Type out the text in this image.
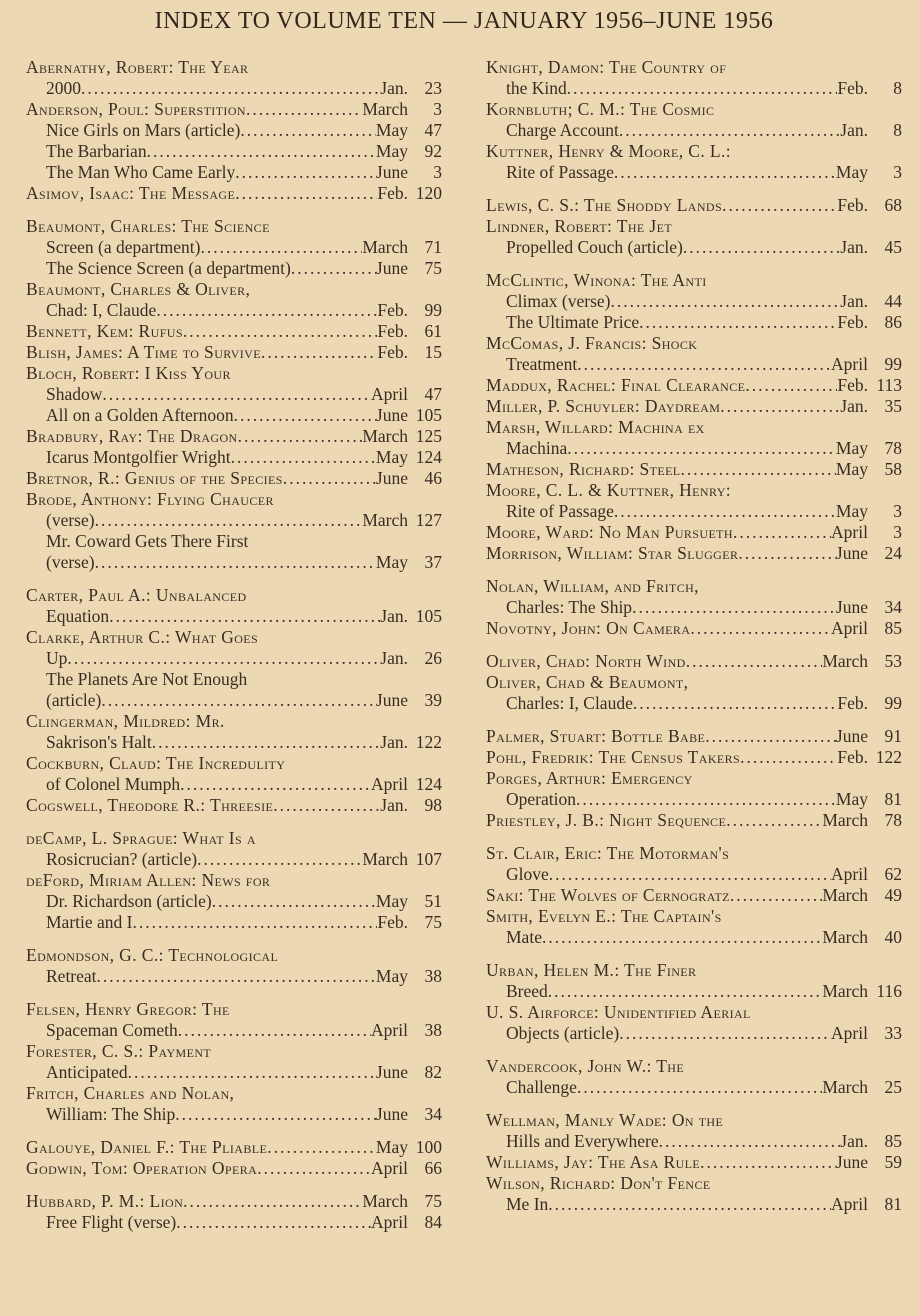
INDEX TO VOLUME TEN — JANUARY 1956–JUNE 1956
Abernathy, Robert: The Year
2000 .....	Jan. 23
Anderson, Poul: Superstition .....	March	3
Nice Girls on Mars (article) .....	May 47
The Barbarian .....	May 92
The Man Who Came Early .....	June	3
Asimov, Isaac: The Message .....	Feb. 120
Beaumont, Charles: The Science
Screen (a department) .....	March 71
The Science Screen (a department) .....	June 75
Beaumont, Charles & Oliver,
Chad: I, Claude .....	Feb. 99
Bennett, Kem: Rufus .....	Feb. 61
Blish, James: A Time to Survive .....	Feb. 15
Bloch, Robert: I Kiss Your
Shadow .....	April 47
All on a Golden Afternoon .....	June 105
Bradbury, Ray: The Dragon .....	March 125
Icarus Montgolfier Wright .....	May 124
Bretnor, R.: Genius of the Species .....	June 46
Brode, Anthony: Flying Chaucer
(verse) .....	March 127
Mr. Coward Gets There First
(verse) .....	May 37
Carter, Paul A.: Unbalanced
Equation .....	Jan. 105
Clarke, Arthur C.: What Goes
Up .....	Jan. 26
The Planets Are Not Enough
(article) .....	June 39
Clingerman, Mildred: Mr.
Sakrison's Halt .....	Jan. 122
Cockburn, Claud: The Incredulity
of Colonel Mumph .....	April 124
Cogswell, Theodore R.: Threesie .....	Jan. 98
deCamp, L. Sprague: What Is a
Rosicrucian? (article) .....	March 107
deFord, Miriam Allen: News for
Dr. Richardson (article) .....	May 51
Martie and I .....	Feb. 75
Edmondson, G. C.: Technological
Retreat .....	May 38
Felsen, Henry Gregor: The
Spaceman Cometh .....	April 38
Forester, C. S.: Payment
Anticipated .....	June 82
Fritch, Charles and Nolan,
William: The Ship .....	June 34
Galouye, Daniel F.: The Pliable .....	May 100
Godwin, Tom: Operation Opera .....	April 66
Hubbard, P. M.: Lion .....	March 75
Free Flight (verse) .....	April 84
Knight, Damon: The Country of
the Kind .....	Feb.	8
Kornbluth; C. M.: The Cosmic
Charge Account .....	Jan.	8
Kuttner, Henry & Moore, C. L.:
Rite of Passage .....	May	3
Lewis, C. S.: The Shoddy Lands .....	Feb. 68
Lindner, Robert: The Jet
Propelled Couch (article) .....	Jan. 45
McClintic, Winona: The Anti
Climax (verse) .....	Jan. 44
The Ultimate Price .....	Feb. 86
McComas, J. Francis: Shock
Treatment .....	April 99
Maddux, Rachel: Final Clearance .....	Feb. 113
Miller, P. Schuyler: Daydream .....	Jan. 35
Marsh, Willard: Machina ex
Machina .....	May 78
Matheson, Richard: Steel .....	May 58
Moore, C. L. & Kuttner, Henry:
Rite of Passage .....	May	3
Moore, Ward: No Man Pursueth .....	April	3
Morrison, William: Star Slugger .....	June 24
Nolan, William, and Fritch,
Charles: The Ship .....	June 34
Novotny, John: On Camera .....	April 85
Oliver, Chad: North Wind .....	March 53
Oliver, Chad & Beaumont,
Charles: I, Claude .....	Feb. 99
Palmer, Stuart: Bottle Babe .....	June 91
Pohl, Fredrik: The Census Takers .....	Feb. 122
Porges, Arthur: Emergency
Operation .....	May 81
Priestley, J. B.: Night Sequence .....	March 78
St. Clair, Eric: The Motorman's
Glove .....	April 62
Saki: The Wolves of Cernogratz .....	March 49
Smith, Evelyn E.: The Captain's
Mate .....	March 40
Urban, Helen M.: The Finer
Breed .....	March 116
U. S. Airforce: Unidentified Aerial
Objects (article) .....	April 33
Vandercook, John W.: The
Challenge .....	March 25
Wellman, Manly Wade: On the
Hills and Everywhere .....	Jan. 85
Williams, Jay: The Asa Rule .....	June 59
Wilson, Richard: Don't Fence
Me In .....	April 81
